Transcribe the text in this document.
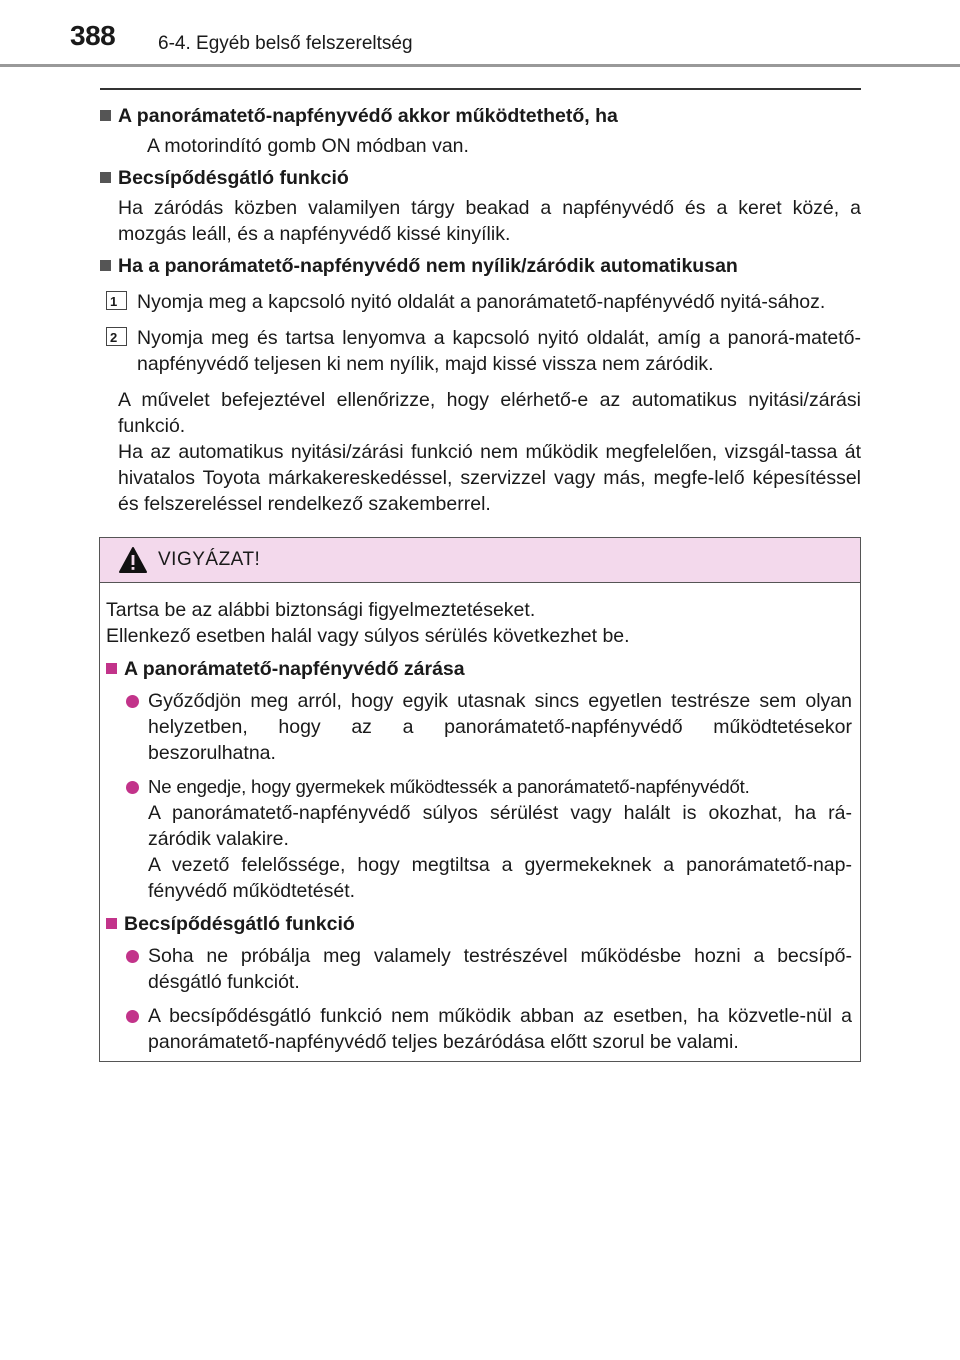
388 6-4. Egyéb belső felszereltség
A panorámatető-napfényvédő akkor működtethető, ha
A motorindító gomb ON módban van.
Becsípődésgátló funkció
Ha záródás közben valamilyen tárgy beakad a napfényvédő és a keret közé, a mozgás leáll, és a napfényvédő kissé kinyílik.
Ha a panorámatető-napfényvédő nem nyílik/záródik automatikusan
1	Nyomja meg a kapcsoló nyitó oldalát a panorámatető-napfényvédő nyitá-sához.
2	Nyomja meg és tartsa lenyomva a kapcsoló nyitó oldalát, amíg a panorá-matető-napfényvédő teljesen ki nem nyílik, majd kissé vissza nem záródik.
A művelet befejeztével ellenőrizze, hogy elérhető-e az automatikus nyitási/zárási funkció.
Ha az automatikus nyitási/zárási funkció nem működik megfelelően, vizsgál-tassa át hivatalos Toyota márkakereskedéssel, szervizzel vagy más, megfe-lelő képesítéssel és felszereléssel rendelkező szakemberrel.
VIGYÁZAT!
Tartsa be az alábbi biztonsági figyelmeztetéseket.
Ellenkező esetben halál vagy súlyos sérülés következhet be.
A panorámatető-napfényvédő zárása
Győződjön meg arról, hogy egyik utasnak sincs egyetlen testrésze sem olyan helyzetben, hogy az a panorámatető-napfényvédő működtetésekor beszorulhatna.
Ne engedje, hogy gyermekek működtessék a panorámatető-napfényvédőt.
A panorámatető-napfényvédő súlyos sérülést vagy halált is okozhat, ha rá-záródik valakire.
A vezető felelőssége, hogy megtiltsa a gyermekeknek a panorámatető-nap-fényvédő működtetését.
Becsípődésgátló funkció
Soha ne próbálja meg valamely testrészével működésbe hozni a becsípő-désgátló funkciót.
A becsípődésgátló funkció nem működik abban az esetben, ha közvetle-nül a panorámatető-napfényvédő teljes bezáródása előtt szorul be valami.
